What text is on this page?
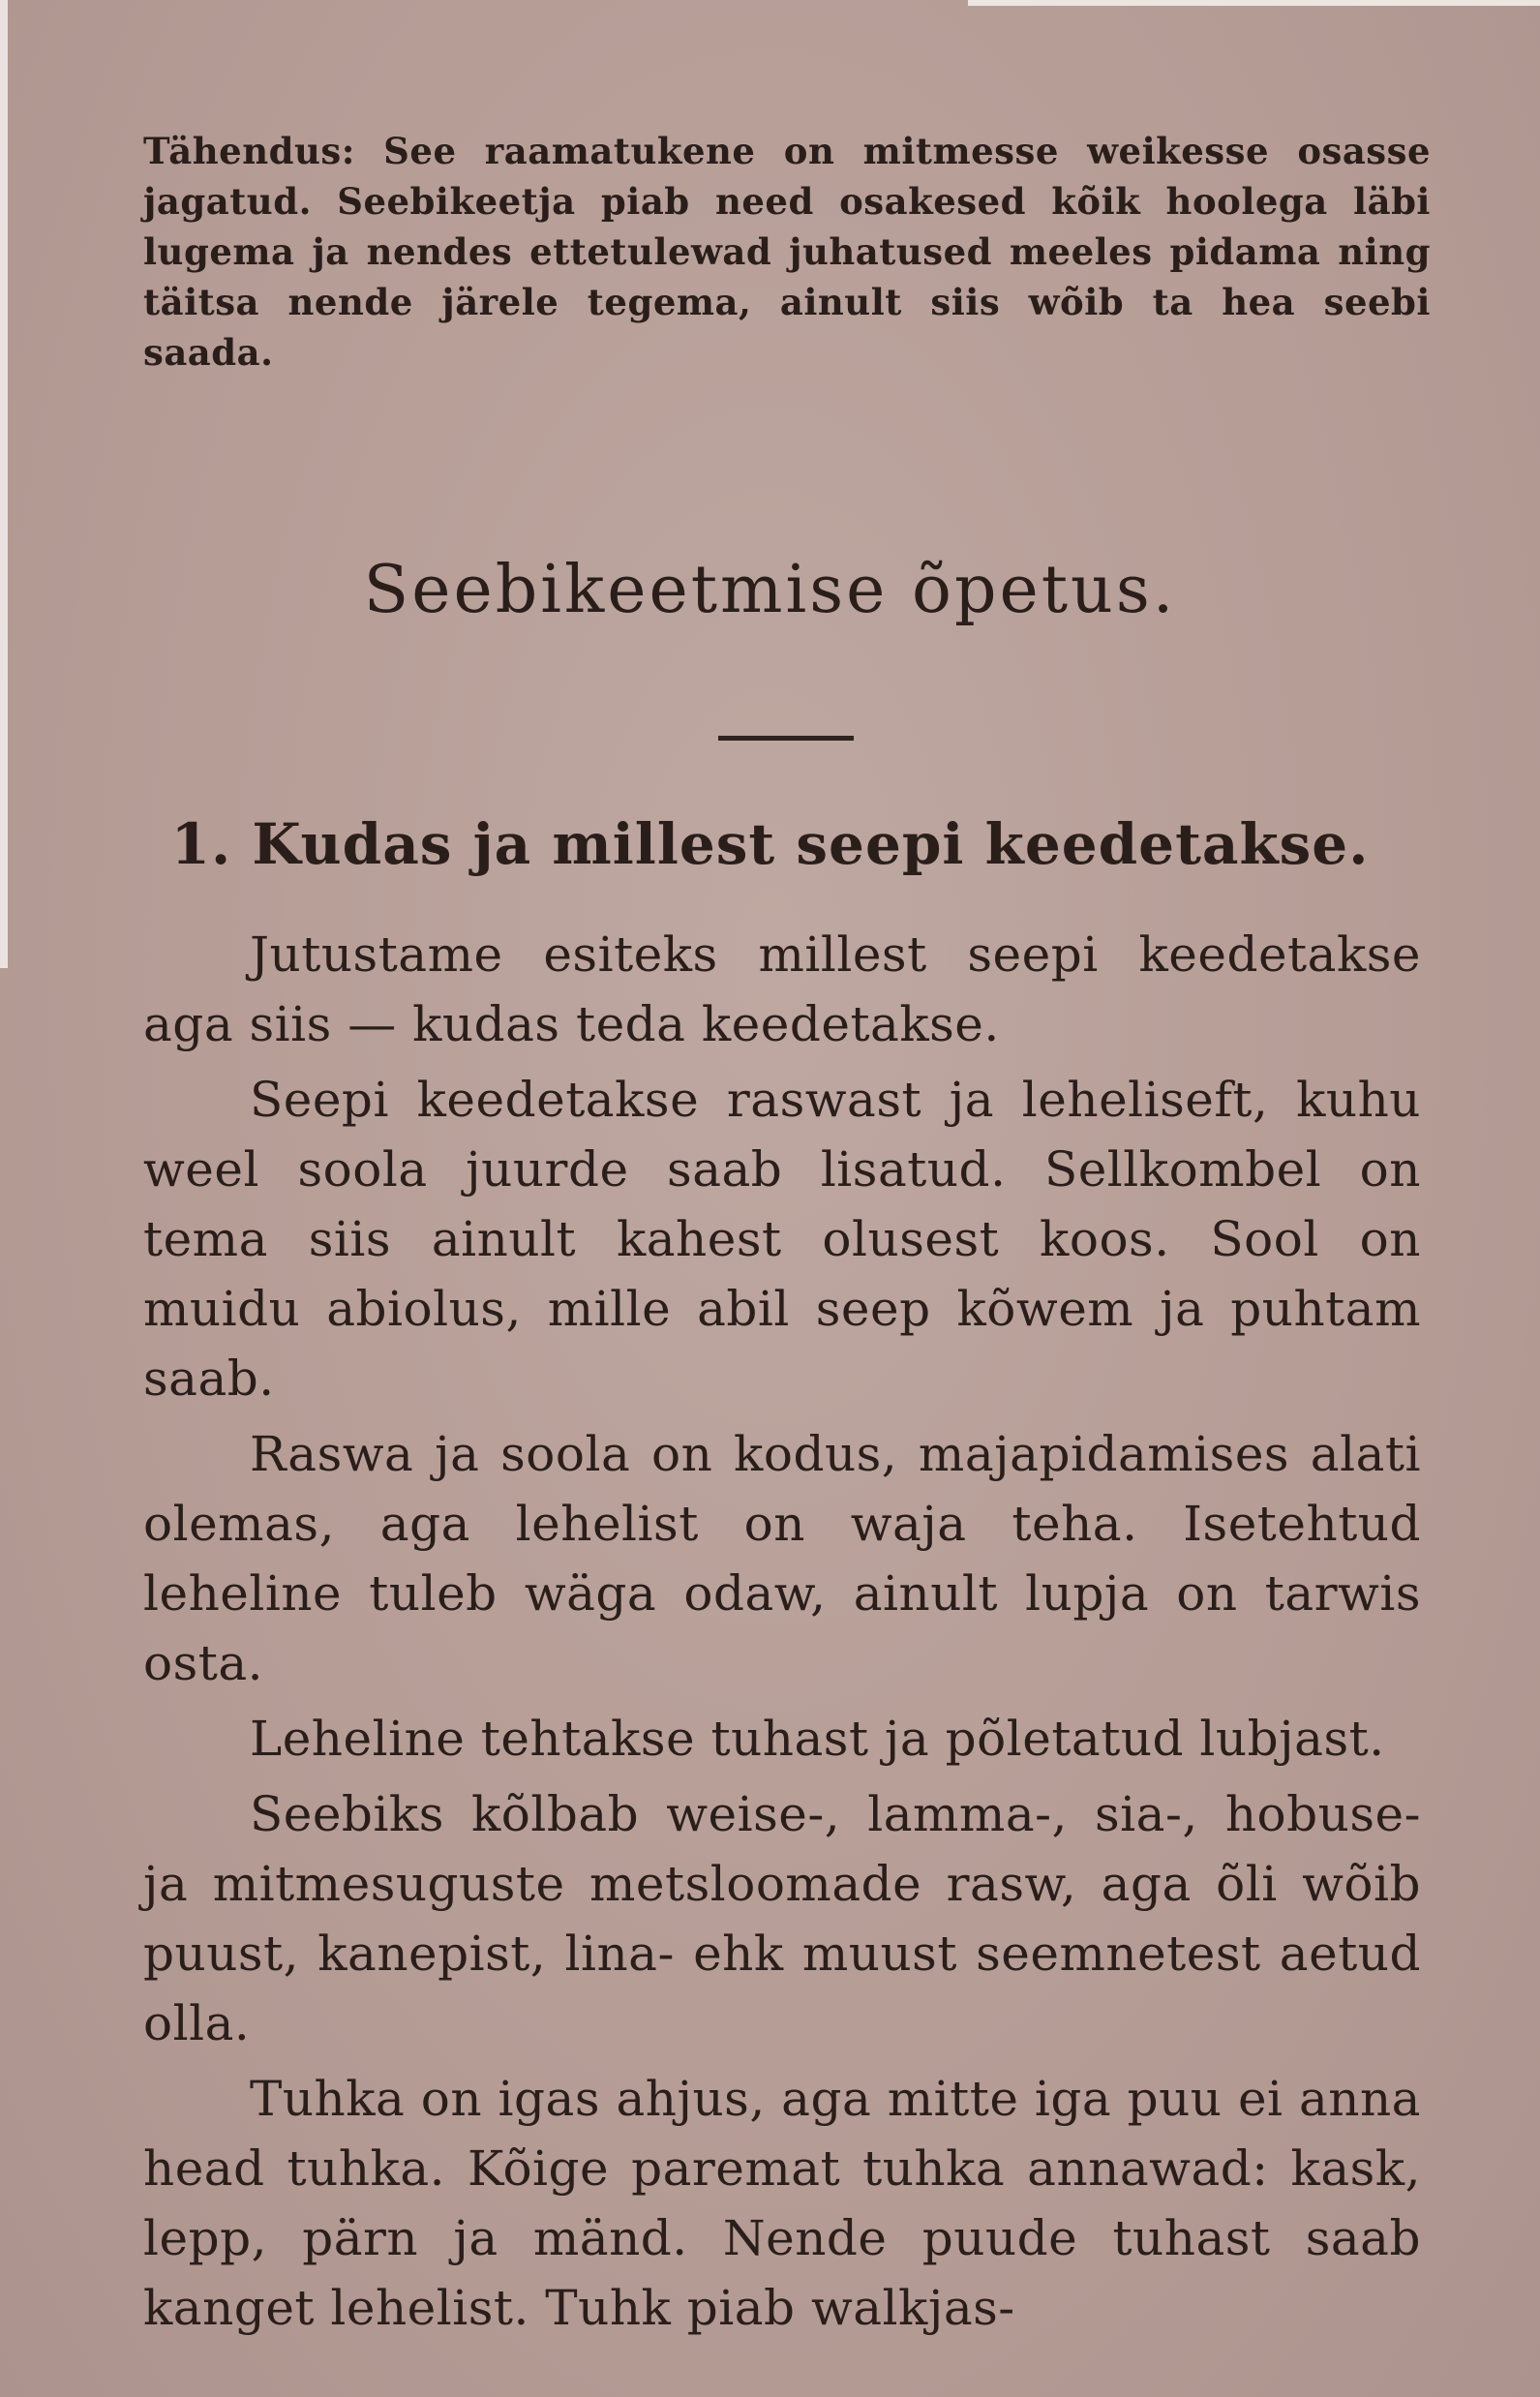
Tähendus: See raamatukene on mitmesse weikesse osasse jagatud. Seebikeetja piab need osakesed kõik hoolega läbi lugema ja nendes ettetulewad juhatused meeles pidama ning täitsa nende järele tegema, ainult siis wõib ta hea seebi saada.
Seebikeetmise õpetus.
1. Kudas ja millest seepi keedetakse.

Jutustame esiteks millest seepi keedetakse aga siis — kudas teda keedetakse.

Seepi keedetakse raswast ja leheliseft, kuhu weel soola juurde saab lisatud. Sellkombel on tema siis ainult kahest olusest koos. Sool on muidu abiolus, mille abil seep kõwem ja puhtam saab.

Raswa ja soola on kodus, majapidamises alati olemas, aga lehelist on waja teha. Isetehtud leheline tuleb wäga odaw, ainult lupja on tarwis osta.

Leheline tehtakse tuhast ja põletatud lubjast.

Seebiks kõlbab weise-, lamma-, sia-, hobuse- ja mitmesuguste metsloomade rasw, aga õli wõib puust, kanepist, lina- ehk muust seemnetest aetud olla.

Tuhka on igas ahjus, aga mitte iga puu ei anna head tuhka. Kõige paremat tuhka annawad: kask, lepp, pärn ja mänd. Nende puude tuhast saab kanget lehelist. Tuhk piab walkjas-
